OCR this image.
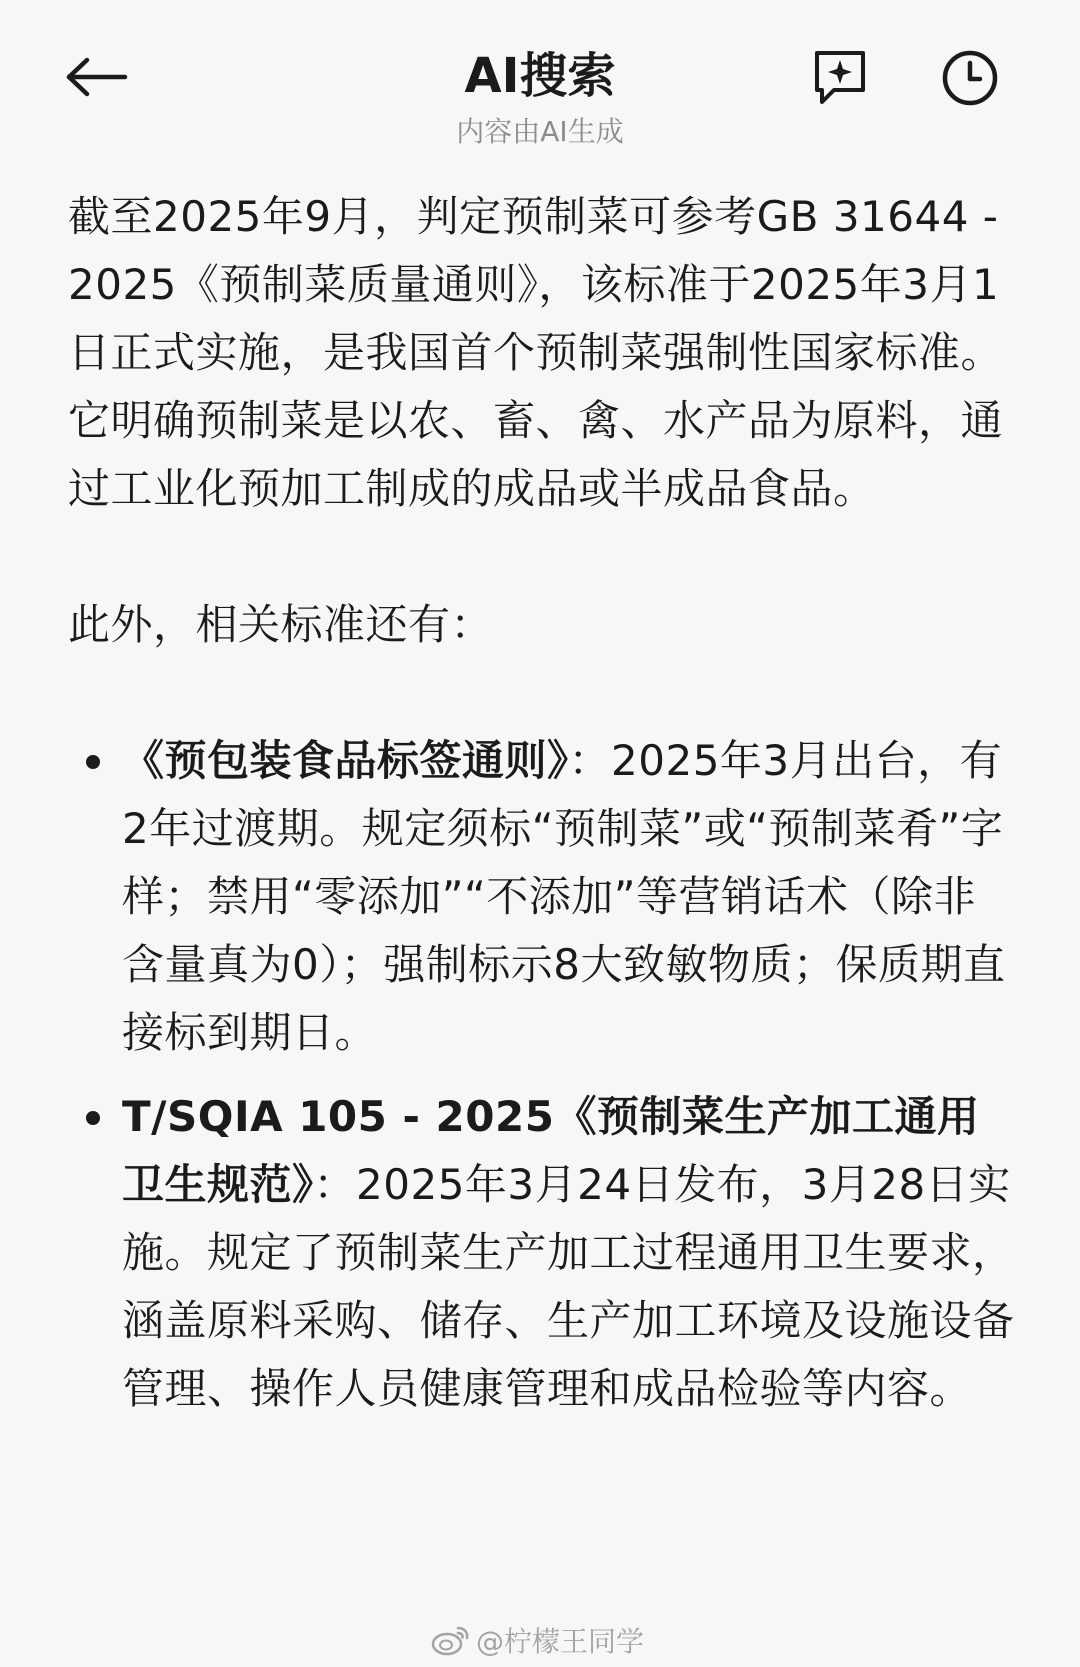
AI搜索
内容由AI生成

截至2025年9月，判定预制菜可参考GB 31644 - 2025《预制菜质量通则》，该标准于2025年3月1日正式实施，是我国首个预制菜强制性国家标准。它明确预制菜是以农、畜、禽、水产品为原料，通过工业化预加工制成的成品或半成品食品。

此外，相关标准还有：

《预包装食品标签通则》：2025年3月出台，有2年过渡期。规定须标“预制菜”或“预制菜肴”字样；禁用“零添加”“不添加”等营销话术（除非含量真为0）；强制标示8大致敏物质；保质期直接标到期日。
T/SQIA 105 - 2025《预制菜生产加工通用卫生规范》：2025年3月24日发布，3月28日实施。规定了预制菜生产加工过程通用卫生要求，涵盖原料采购、储存、生产加工环境及设施设备管理、操作人员健康管理和成品检验等内容。
@柠檬王同学
